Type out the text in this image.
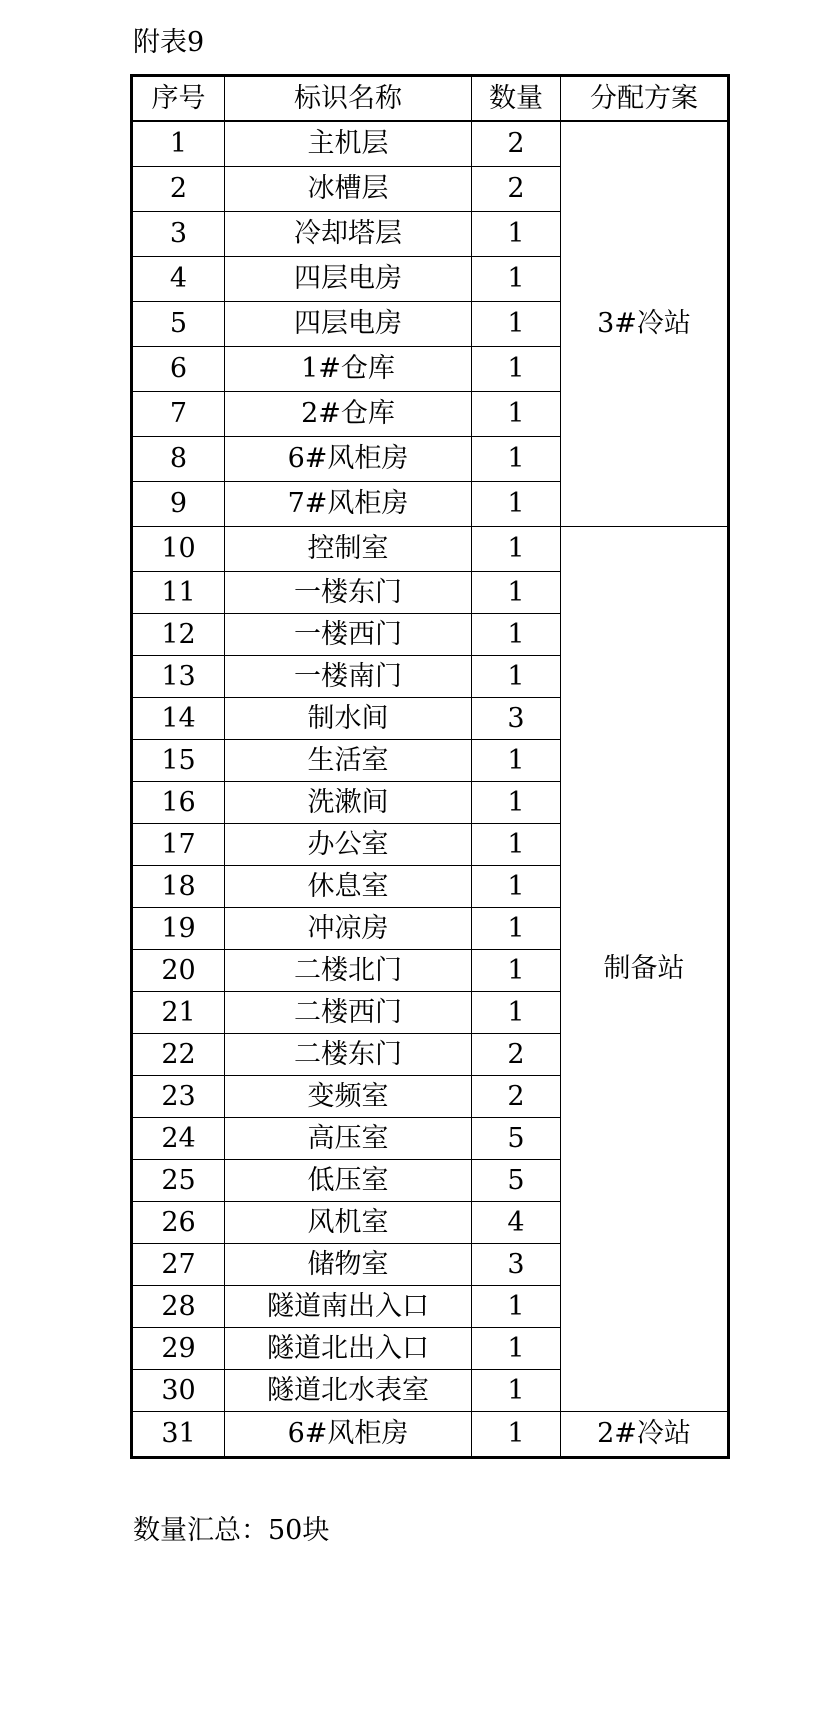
附表9
序号	标识名称	数量	分配方案
1	主机层	2	3#冷站
2	冰槽层	2	
3	冷却塔层	1	
4	四层电房	1	
5	四层电房	1	
6	1#仓库	1	
7	2#仓库	1	
8	6#风柜房	1	
9	7#风柜房	1	
10	控制室	1	制备站
11	一楼东门	1	
12	一楼西门	1	
13	一楼南门	1	
14	制水间	3	
15	生活室	1	
16	洗漱间	1	
17	办公室	1	
18	休息室	1	
19	冲凉房	1	
20	二楼北门	1	
21	二楼西门	1	
22	二楼东门	2	
23	变频室	2	
24	高压室	5	
25	低压室	5	
26	风机室	4	
27	储物室	3	
28	隧道南出入口	1	
29	隧道北出入口	1	
30	隧道北水表室	1	
31	6#风柜房	1	2#冷站
数量汇总：50块
